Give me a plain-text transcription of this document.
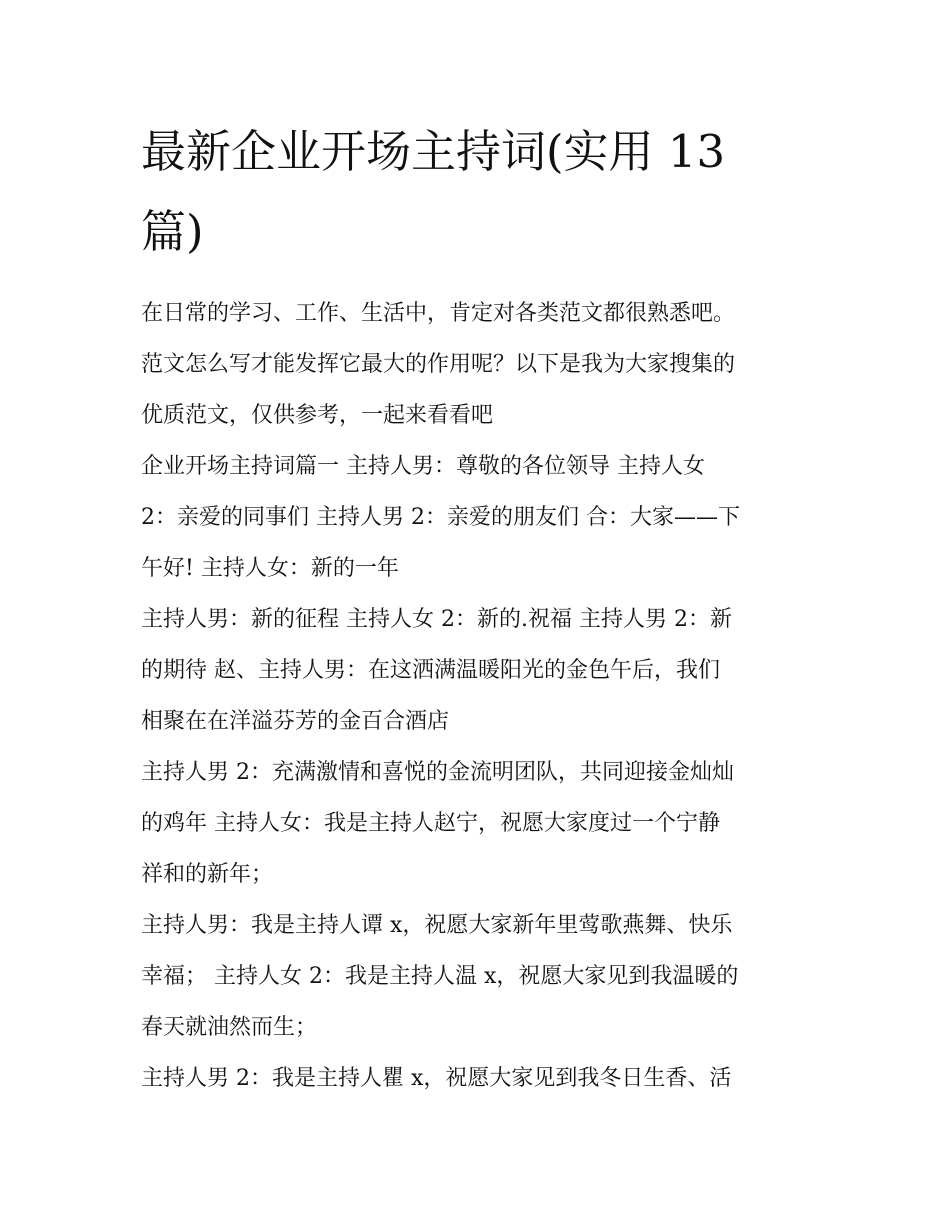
最新企业开场主持词(实用 13
篇)

在日常的学习、工作、生活中，肯定对各类范文都很熟悉吧。
范文怎么写才能发挥它最大的作用呢？以下是我为大家搜集的
优质范文，仅供参考，一起来看看吧

企业开场主持词篇一 主持人男：尊敬的各位领导 主持人女
2：亲爱的同事们 主持人男 2：亲爱的朋友们 合：大家——下
午好! 主持人女：新的一年

主持人男：新的征程 主持人女 2：新的.祝福 主持人男 2：新
的期待 赵、主持人男：在这洒满温暖阳光的金色午后，我们
相聚在在洋溢芬芳的金百合酒店

主持人男 2：充满激情和喜悦的金流明团队，共同迎接金灿灿
的鸡年 主持人女：我是主持人赵宁，祝愿大家度过一个宁静
祥和的新年；

主持人男：我是主持人谭 x，祝愿大家新年里莺歌燕舞、快乐
幸福； 主持人女 2：我是主持人温 x，祝愿大家见到我温暖的
春天就油然而生；

主持人男 2：我是主持人瞿 x，祝愿大家见到我冬日生香、活
